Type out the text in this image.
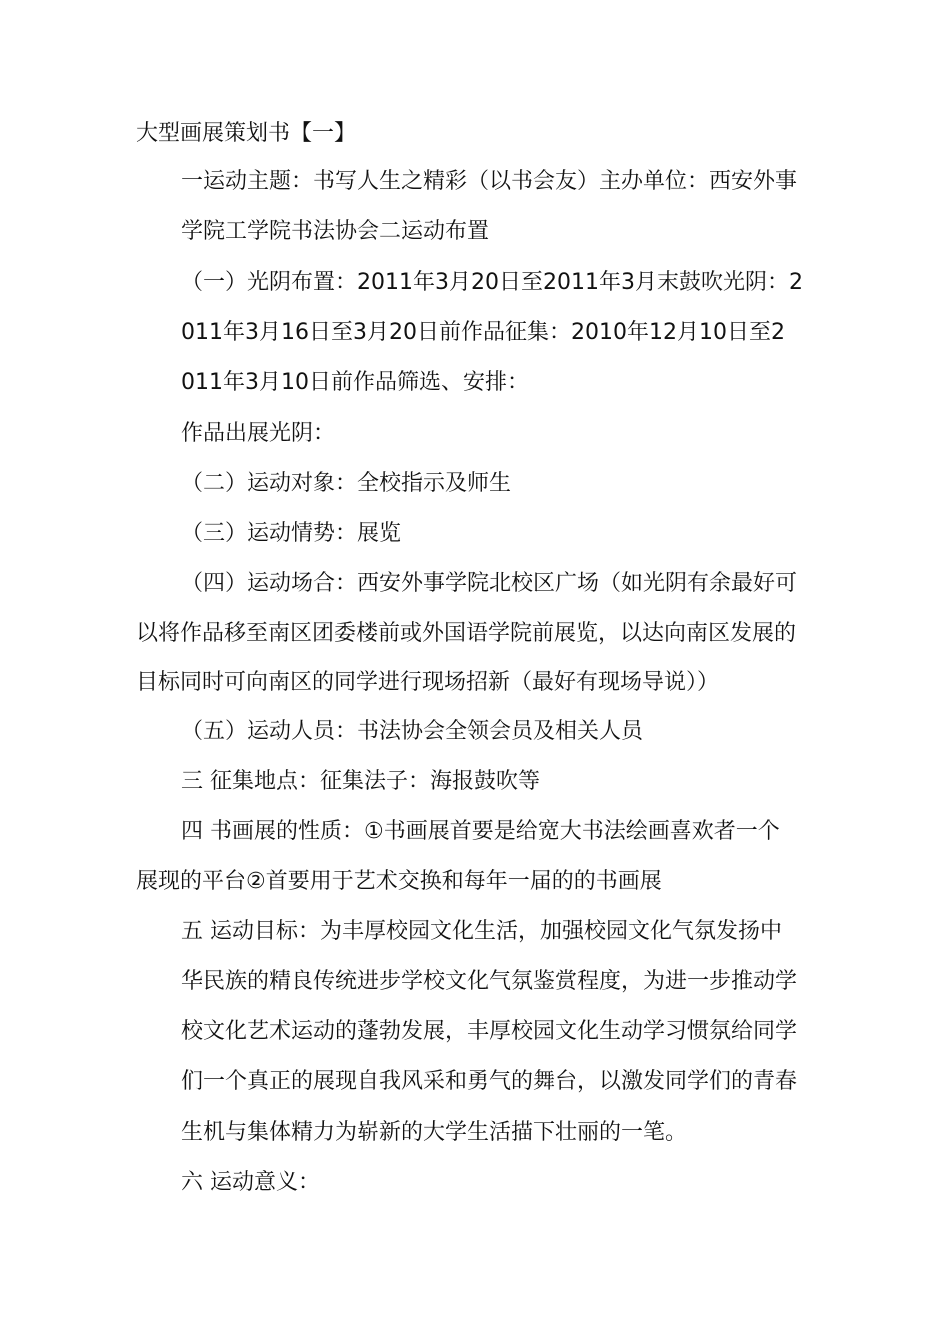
大型画展策划书【一】

一运动主题：书写人生之精彩（以书会友）主办单位：西安外事

学院工学院书法协会二运动布置

（一）光阴布置：2011年3月20日至2011年3月末鼓吹光阴：2

011年3月16日至3月20日前作品征集：2010年12月10日至2

011年3月10日前作品筛选、安排：

作品出展光阴：

（二）运动对象：全校指示及师生

（三）运动情势：展览

（四）运动场合：西安外事学院北校区广场（如光阴有余最好可

以将作品移至南区团委楼前或外国语学院前展览，以达向南区发展的

目标同时可向南区的同学进行现场招新（最好有现场导说））

（五）运动人员：书法协会全领会员及相关人员

三 征集地点：征集法子：海报鼓吹等

四 书画展的性质：①书画展首要是给宽大书法绘画喜欢者一个

展现的平台②首要用于艺术交换和每年一届的的书画展

五 运动目标：为丰厚校园文化生活，加强校园文化气氛发扬中

华民族的精良传统进步学校文化气氛鉴赏程度，为进一步推动学

校文化艺术运动的蓬勃发展，丰厚校园文化生动学习惯氛给同学

们一个真正的展现自我风采和勇气的舞台，以激发同学们的青春

生机与集体精力为崭新的大学生活描下壮丽的一笔。

六 运动意义：
